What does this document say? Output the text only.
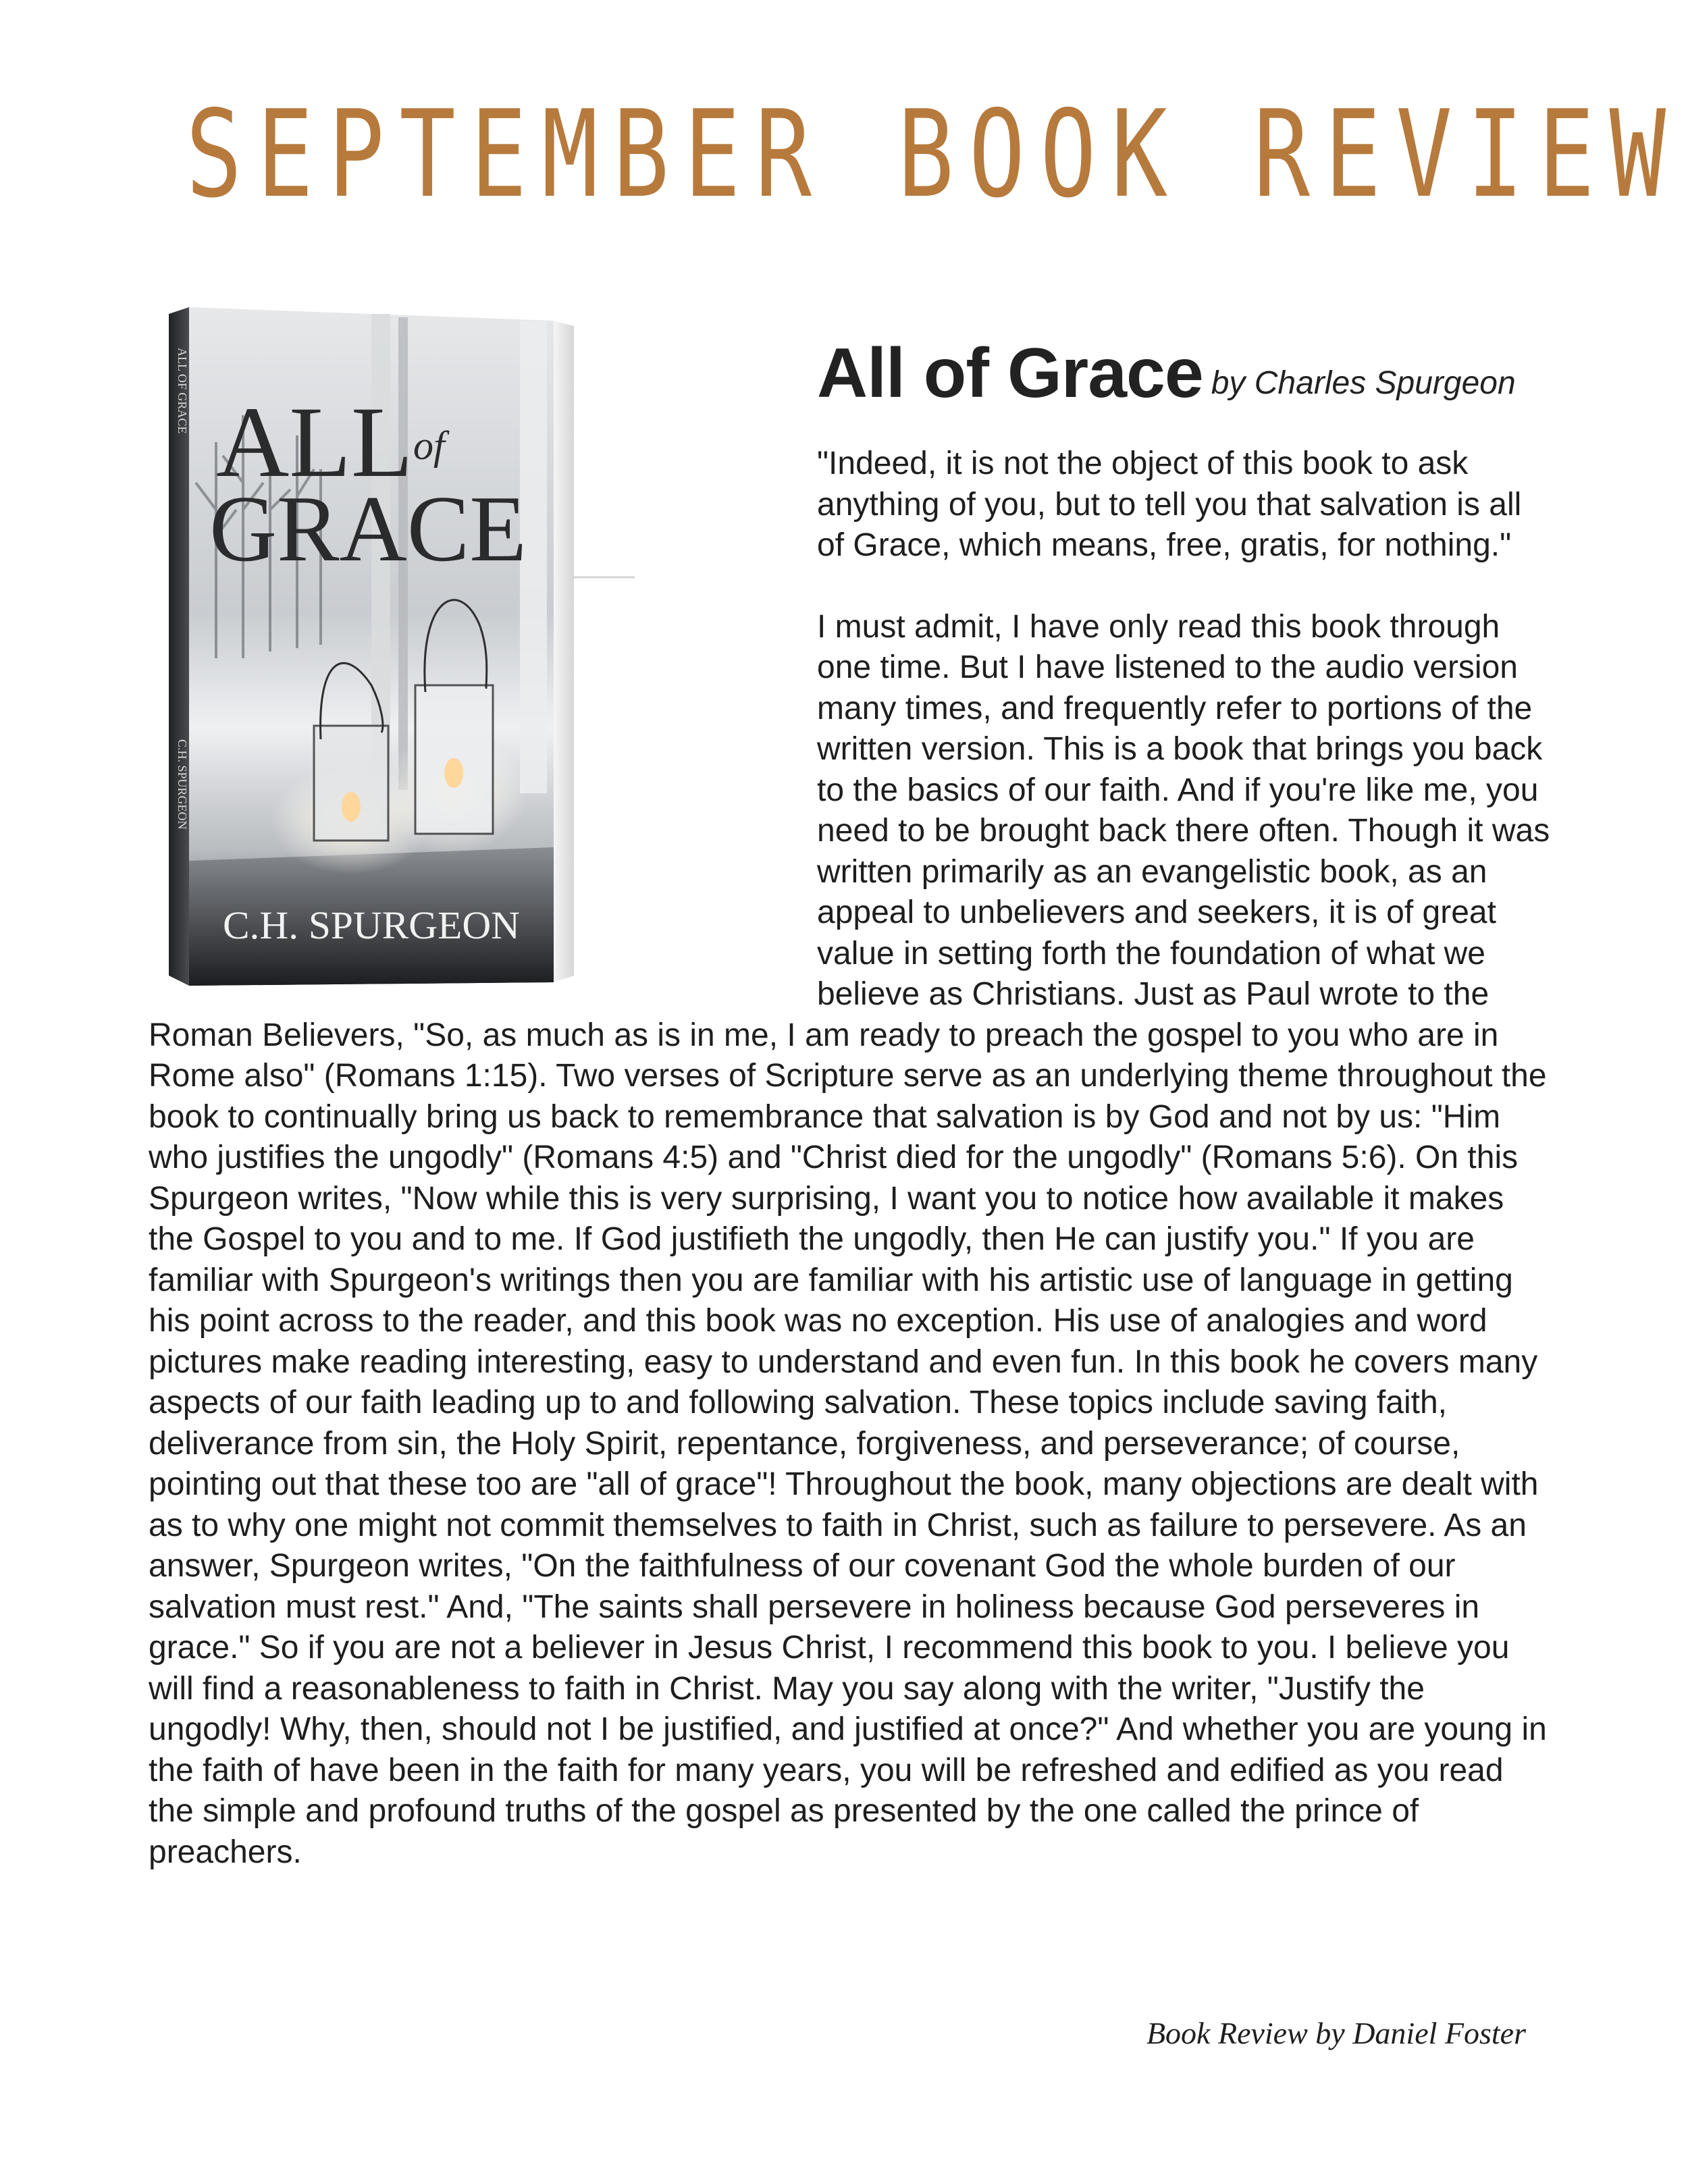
SEPTEMBER BOOK REVIEW
ALL OF GRACE
C.H. SPURGEON
ALL of
GRACE
C.H. SPURGEON
All of Grace by Charles Spurgeon

"Indeed, it is not the object of this book to ask anything of you, but to tell you that salvation is all of Grace, which means, free, gratis, for nothing."

I must admit, I have only read this book through one time. But I have listened to the audio version many times, and frequently refer to portions of the written version. This is a book that brings you back to the basics of our faith. And if you're like me, you need to be brought back there often. Though it was written primarily as an evangelistic book, as an appeal to unbelievers and seekers, it is of great value in setting forth the foundation of what we believe as Christians. Just as Paul wrote to the Roman Believers, "So, as much as is in me, I am ready to preach the gospel to you who are in Rome also" (Romans 1:15). Two verses of Scripture serve as an underlying theme throughout the book to continually bring us back to remembrance that salvation is by God and not by us: "Him who justifies the ungodly" (Romans 4:5) and "Christ died for the ungodly" (Romans 5:6). On this Spurgeon writes, "Now while this is very surprising, I want you to notice how available it makes the Gospel to you and to me. If God justifieth the ungodly, then He can justify you." If you are familiar with Spurgeon's writings then you are familiar with his artistic use of language in getting his point across to the reader, and this book was no exception. His use of analogies and word pictures make reading interesting, easy to understand and even fun. In this book he covers many aspects of our faith leading up to and following salvation. These topics include saving faith, deliverance from sin, the Holy Spirit, repentance, forgiveness, and perseverance; of course, pointing out that these too are "all of grace"! Throughout the book, many objections are dealt with as to why one might not commit themselves to faith in Christ, such as failure to persevere. As an answer, Spurgeon writes, "On the faithfulness of our covenant God the whole burden of our salvation must rest." And, "The saints shall persevere in holiness because God perseveres in grace." So if you are not a believer in Jesus Christ, I recommend this book to you. I believe you will find a reasonableness to faith in Christ. May you say along with the writer, "Justify the ungodly! Why, then, should not I be justified, and justified at once?" And whether you are young in the faith of have been in the faith for many years, you will be refreshed and edified as you read the simple and profound truths of the gospel as presented by the one called the prince of preachers.

Book Review by Daniel Foster
